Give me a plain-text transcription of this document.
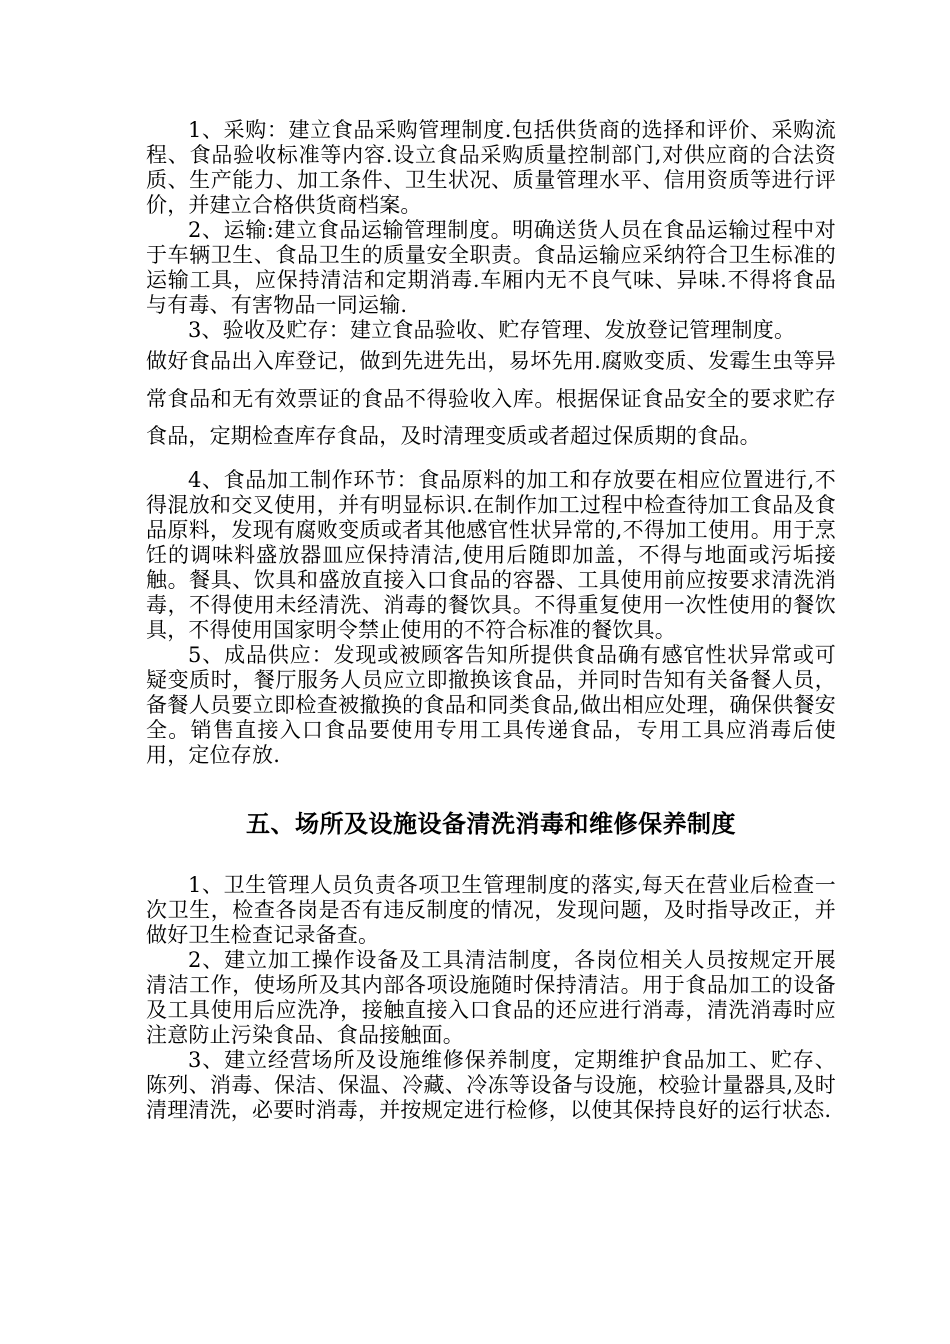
1、采购：建立食品采购管理制度.包括供货商的选择和评价、采购流程、食品验收标准等内容.设立食品采购质量控制部门,对供应商的合法资质、生产能力、加工条件、卫生状况、质量管理水平、信用资质等进行评价，并建立合格供货商档案。

2、运输:建立食品运输管理制度。明确送货人员在食品运输过程中对于车辆卫生、食品卫生的质量安全职责。食品运输应采纳符合卫生标准的运输工具，应保持清洁和定期消毒.车厢内无不良气味、异味.不得将食品与有毒、有害物品一同运输.

3、验收及贮存：建立食品验收、贮存管理、发放登记管理制度。

做好食品出入库登记，做到先进先出，易坏先用.腐败变质、发霉生虫等异常食品和无有效票证的食品不得验收入库。根据保证食品安全的要求贮存食品，定期检查库存食品，及时清理变质或者超过保质期的食品。

4、食品加工制作环节：食品原料的加工和存放要在相应位置进行,不得混放和交叉使用，并有明显标识.在制作加工过程中检查待加工食品及食品原料，发现有腐败变质或者其他感官性状异常的,不得加工使用。用于烹饪的调味料盛放器皿应保持清洁,使用后随即加盖，不得与地面或污垢接触。餐具、饮具和盛放直接入口食品的容器、工具使用前应按要求清洗消毒，不得使用未经清洗、消毒的餐饮具。不得重复使用一次性使用的餐饮具，不得使用国家明令禁止使用的不符合标准的餐饮具。

5、成品供应：发现或被顾客告知所提供食品确有感官性状异常或可疑变质时，餐厅服务人员应立即撤换该食品，并同时告知有关备餐人员，备餐人员要立即检查被撤换的食品和同类食品,做出相应处理，确保供餐安全。销售直接入口食品要使用专用工具传递食品，专用工具应消毒后使用，定位存放.

五、场所及设施设备清洗消毒和维修保养制度

1、卫生管理人员负责各项卫生管理制度的落实,每天在营业后检查一次卫生，检查各岗是否有违反制度的情况，发现问题，及时指导改正，并做好卫生检查记录备查。

2、建立加工操作设备及工具清洁制度，各岗位相关人员按规定开展清洁工作，使场所及其内部各项设施随时保持清洁。用于食品加工的设备及工具使用后应洗净，接触直接入口食品的还应进行消毒，清洗消毒时应注意防止污染食品、食品接触面。

3、建立经营场所及设施维修保养制度，定期维护食品加工、贮存、陈列、消毒、保洁、保温、冷藏、冷冻等设备与设施，校验计量器具,及时清理清洗，必要时消毒，并按规定进行检修，以使其保持良好的运行状态.
